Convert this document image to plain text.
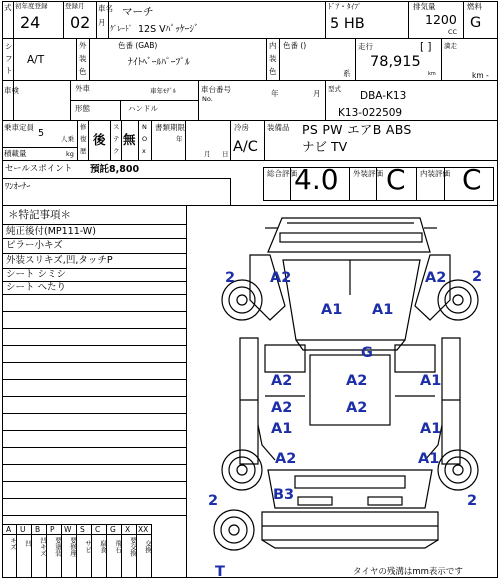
式 初年度登録
24
登録月
02 月
車名 マーチ
ｸﾞﾚｰﾄﾞ 12S Vﾊﾟｯｹｰｼﾞ
ﾄﾞｱ・ﾀｲﾌﾟ
5 HB
排気量
1200
CC
燃料
G
シ
フ
ト
A/T
外
装
色
色番 (GAB)
ﾅｲﾄﾍﾞｰﾙﾊﾟｰﾌﾟﾙ
内
装
色
色番 ()
系
走行	[ ]
78,915
km
満走
km -
車検	外車	車年ﾓﾃﾞﾙ
形態	ハンドル
車台番号
No.
年	月 型式
DBA-K13
K13-022509
乗車定員
5	人乗
積載量	kg
修
復
歴
後
ス
テ
ク
無
N
O
x
書類期限
年
月 日
冷房
A/C
装備品 PS PW エアB ABS
ナビ TV
セールスポイント 預託8,800
ﾜﾝｵｰﾅｰ
総合評価
4.0 外装評価 C 内装評価 C
＊特記事項＊
純正後付(MP111-W)
ピラー小キズ
外装スリキズ,凹,タッチP
シート シミシ
シート へたり
A U B P W S C G X XX
キズ	凹	凹キズ	要塗装	要修理	サビ	腐食	飛石	要交換	交換
2 A2	A2 2
A1 A1
G
A2	A2	A1
A2	A2
A1	A1
A2	A1
B3
2	2
T	タイヤの残溝はmm表示です
